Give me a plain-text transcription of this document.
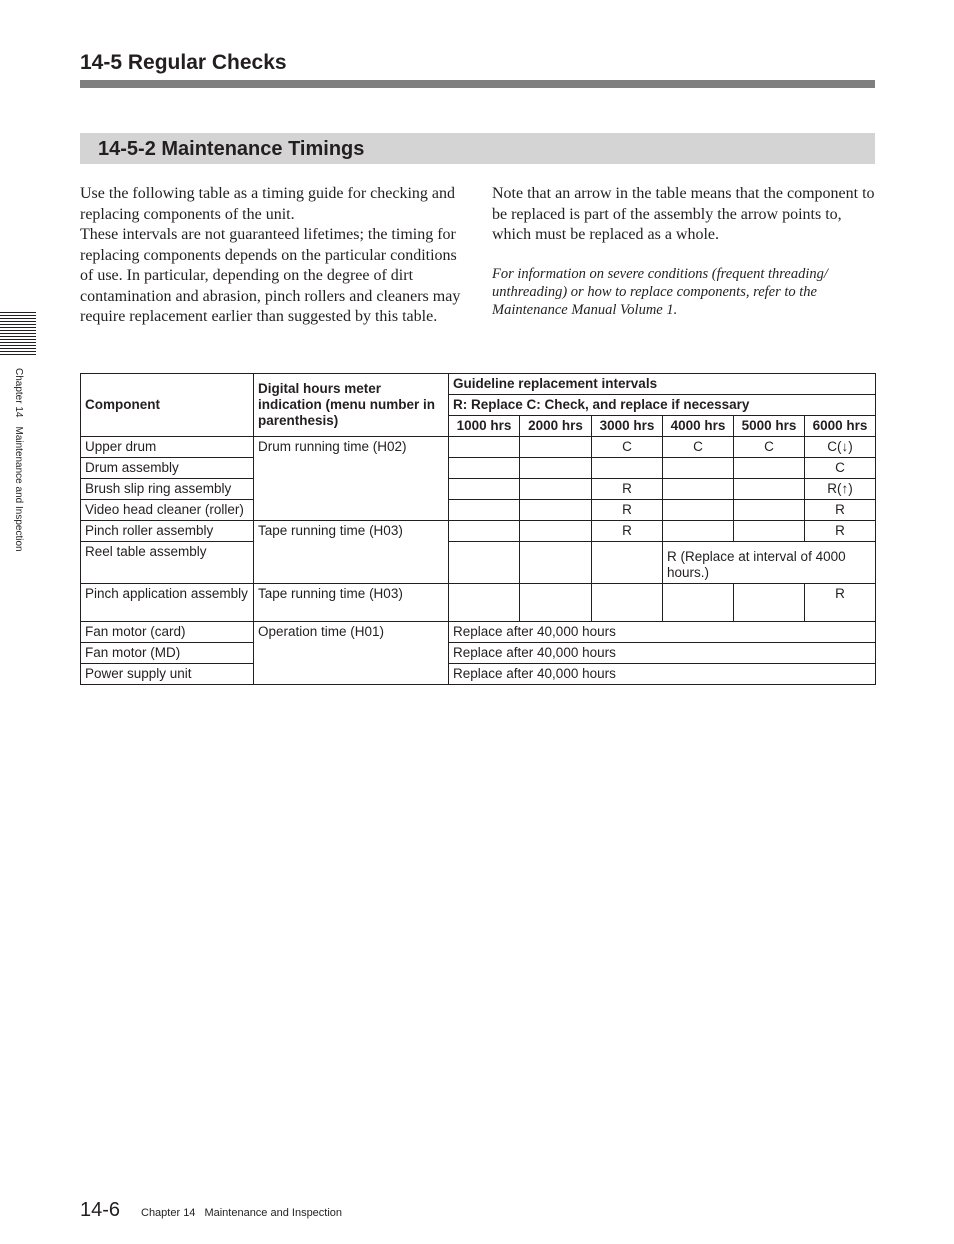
14-5 Regular Checks
14-5-2 Maintenance Timings

Use the following table as a timing guide for checking and replacing components of the unit.

These intervals are not guaranteed lifetimes; the timing for replacing components depends on the particular conditions of use. In particular, depending on the degree of dirt contamination and abrasion, pinch rollers and cleaners may require replacement earlier than suggested by this table.

Note that an arrow in the table means that the component to be replaced is part of the assembly the arrow points to, which must be replaced as a whole.

For information on severe conditions (frequent threading/ unthreading) or how to replace components, refer to the Maintenance Manual Volume 1.

Chapter 14Maintenance and Inspection
Component	Digital hours meter indication (menu number in parenthesis)	Guideline replacement intervals					
		R: Replace C: Check, and replace if necessary					
		1000 hrs	2000 hrs	3000 hrs	4000 hrs	5000 hrs	6000 hrs
Upper drum	Drum running time (H02)			C	C	C	C(↓)
Drum assembly							C
Brush slip ring assembly				R			R(↑)
Video head cleaner (roller)				R			R
Pinch roller assembly	Tape running time (H03)			R			R
Reel table assembly					R (Replace at interval of 4000 hours.)		
Pinch application assembly	Tape running time (H03)						R
Fan motor (card)	Operation time (H01)	Replace after 40,000 hours					
Fan motor (MD)		Replace after 40,000 hours					
Power supply unit		Replace after 40,000 hours					
14-6 Chapter 14 Maintenance and Inspection
